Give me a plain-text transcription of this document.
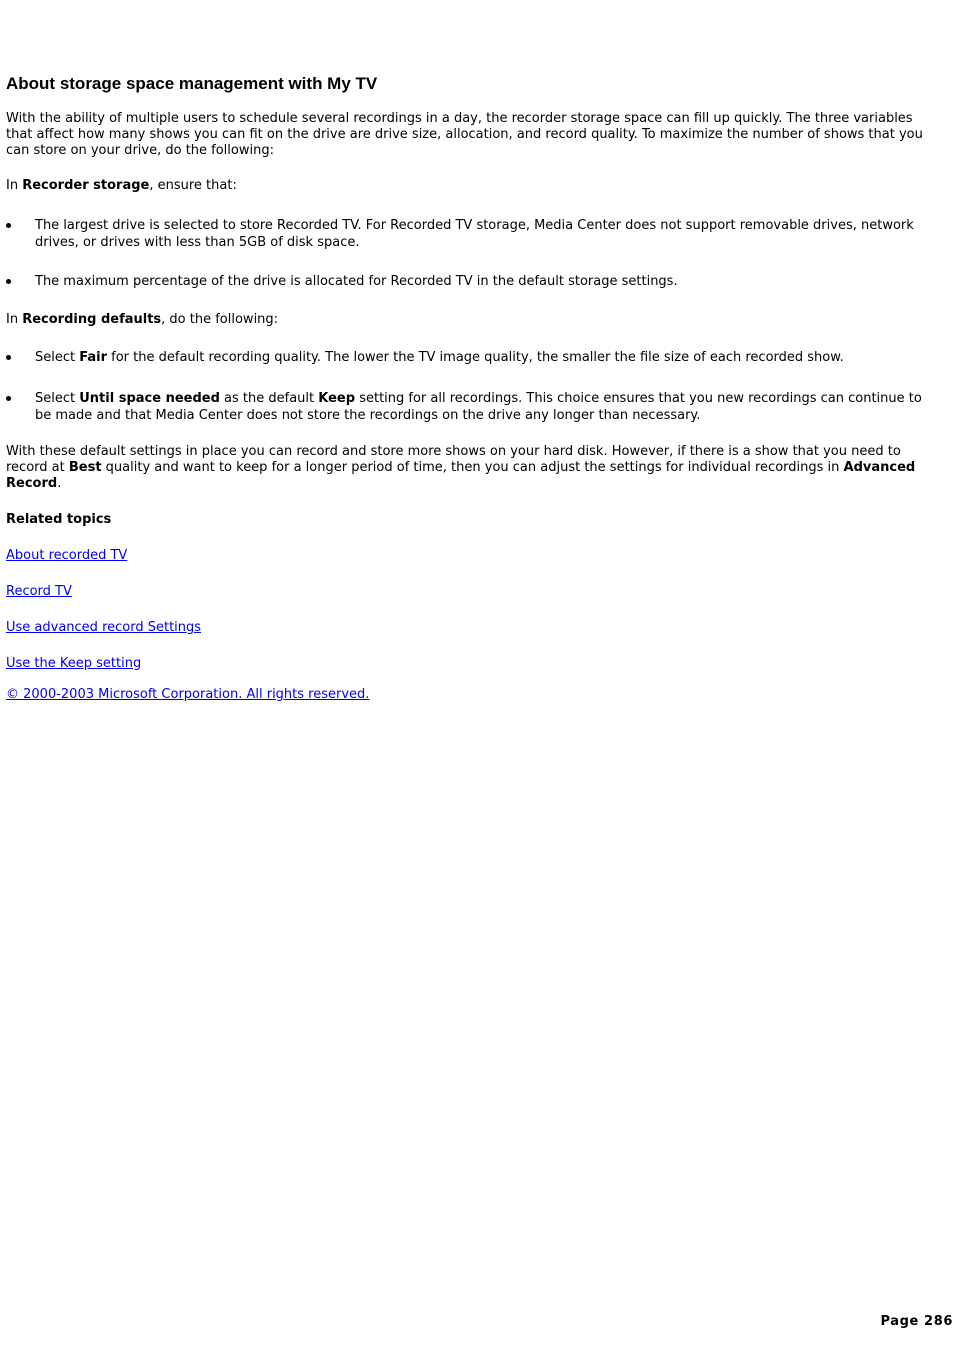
About storage space management with My TV

With the ability of multiple users to schedule several recordings in a day, the recorder storage space can fill up quickly. The three variables that affect how many shows you can fit on the drive are drive size, allocation, and record quality. To maximize the number of shows that you can store on your drive, do the following:

In Recorder storage, ensure that:

The largest drive is selected to store Recorded TV. For Recorded TV storage, Media Center does not support removable drives, network drives, or drives with less than 5GB of disk space.
The maximum percentage of the drive is allocated for Recorded TV in the default storage settings.

In Recording defaults, do the following:

Select Fair for the default recording quality. The lower the TV image quality, the smaller the file size of each recorded show.
Select Until space needed as the default Keep setting for all recordings. This choice ensures that you new recordings can continue to be made and that Media Center does not store the recordings on the drive any longer than necessary.

With these default settings in place you can record and store more shows on your hard disk. However, if there is a show that you need to record at Best quality and want to keep for a longer period of time, then you can adjust the settings for individual recordings in Advanced Record.

Related topics

About recorded TV
Record TV
Use advanced record Settings
Use the Keep setting
© 2000-2003 Microsoft Corporation. All rights reserved.
Page 286
